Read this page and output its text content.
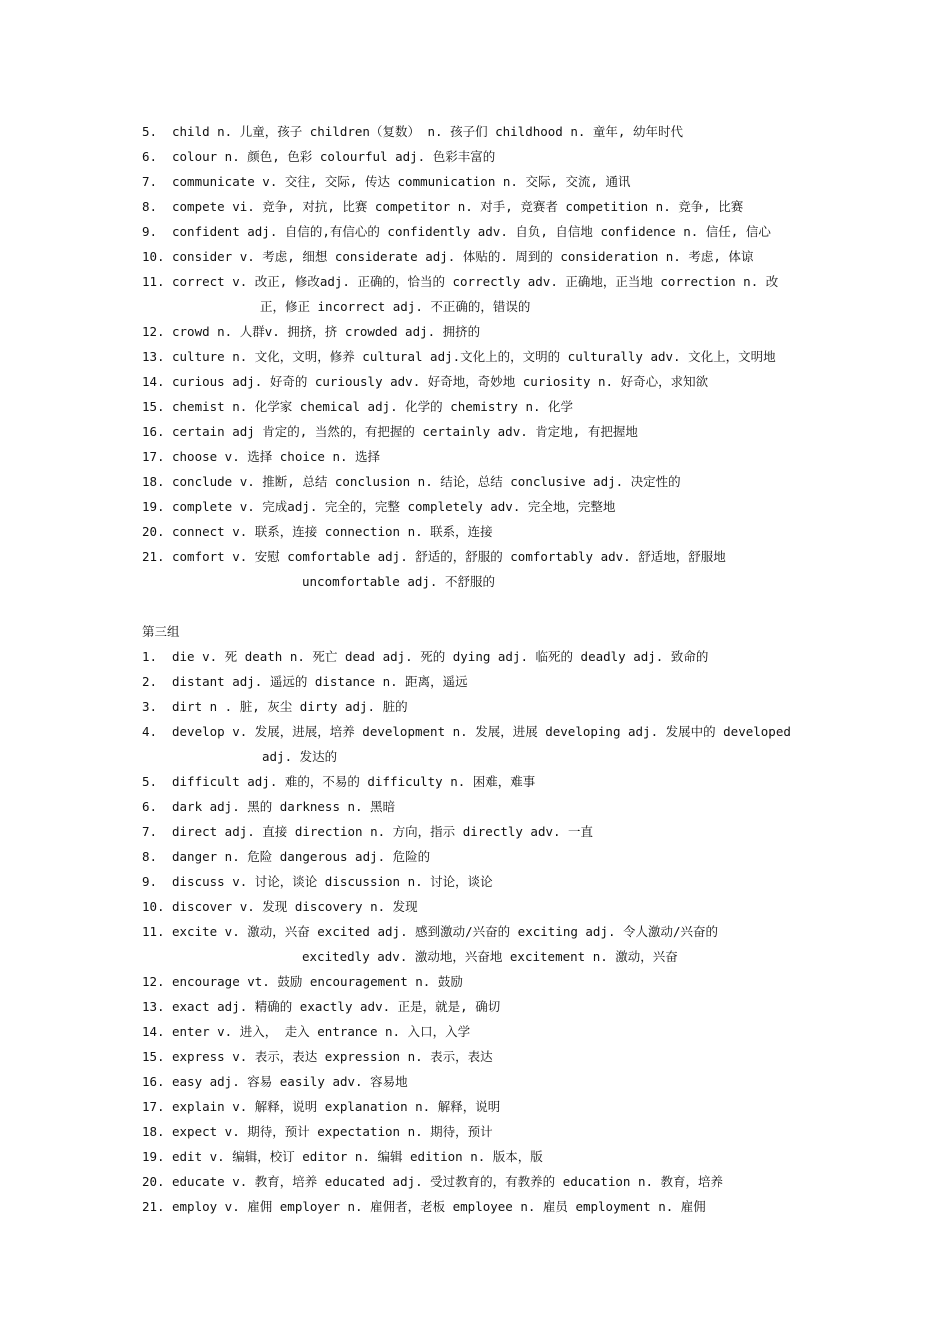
5.	child n. 儿童，孩子 children（复数） n. 孩子们 childhood n. 童年, 幼年时代
6.	colour n. 颜色, 色彩 colourful adj. 色彩丰富的
7.	communicate v. 交往, 交际, 传达 communication n. 交际, 交流, 通讯
8.	compete vi. 竞争, 对抗, 比赛 competitor n. 对手, 竞赛者 competition n. 竞争, 比赛
9.	confident adj. 自信的,有信心的 confidently adv. 自负, 自信地 confidence n. 信任, 信心
10. consider v. 考虑, 细想 considerate adj. 体贴的. 周到的 consideration n. 考虑, 体谅
11. correct v. 改正, 修改adj. 正确的，恰当的 correctly adv. 正确地，正当地 correction n. 改
正，修正 incorrect adj. 不正确的，错误的
12. crowd n. 人群v. 拥挤，挤 crowded adj. 拥挤的
13. culture n. 文化，文明，修养 cultural adj.文化上的，文明的 culturally adv. 文化上，文明地
14. curious adj. 好奇的 curiously adv. 好奇地，奇妙地 curiosity n. 好奇心，求知欲
15. chemist n. 化学家 chemical adj. 化学的 chemistry n. 化学
16. certain adj 肯定的, 当然的，有把握的 certainly adv. 肯定地, 有把握地
17. choose v. 选择 choice n. 选择
18. conclude v. 推断, 总结 conclusion n. 结论，总结 conclusive adj. 决定性的
19. complete v. 完成adj. 完全的，完整 completely adv. 完全地，完整地
20. connect v. 联系，连接 connection n. 联系，连接
21. comfort v. 安慰 comfortable adj. 舒适的，舒服的 comfortably adv. 舒适地，舒服地
uncomfortable adj. 不舒服的
第三组
1.	die v. 死 death n. 死亡 dead adj. 死的 dying adj. 临死的 deadly adj. 致命的
2.	distant adj. 遥远的 distance n. 距离，遥远
3.	dirt n . 脏, 灰尘 dirty adj. 脏的
4.	develop v. 发展，进展，培养 development n. 发展，进展 developing adj. 发展中的 developed
adj. 发达的
5.	difficult adj. 难的，不易的 difficulty n. 困难，难事
6.	dark adj. 黑的 darkness n. 黑暗
7.	direct adj. 直接 direction n. 方向，指示 directly adv. 一直
8.	danger n. 危险 dangerous adj. 危险的
9.	discuss v. 讨论，谈论 discussion n. 讨论，谈论
10. discover v. 发现 discovery n. 发现
11. excite v. 激动，兴奋 excited adj. 感到激动/兴奋的 exciting adj. 令人激动/兴奋的
excitedly adv. 激动地，兴奋地 excitement n. 激动，兴奋
12. encourage vt. 鼓励 encouragement n. 鼓励
13. exact adj. 精确的 exactly adv. 正是，就是, 确切
14. enter v. 进入， 走入 entrance n. 入口，入学
15. express v. 表示，表达 expression n. 表示，表达
16. easy adj. 容易 easily adv. 容易地
17. explain v. 解释，说明 explanation n. 解释，说明
18. expect v. 期待，预计 expectation n. 期待，预计
19. edit v. 编辑，校订 editor n. 编辑 edition n. 版本，版
20. educate v. 教育，培养 educated adj. 受过教育的，有教养的 education n. 教育，培养
21. employ v. 雇佣 employer n. 雇佣者，老板 employee n. 雇员 employment n. 雇佣
